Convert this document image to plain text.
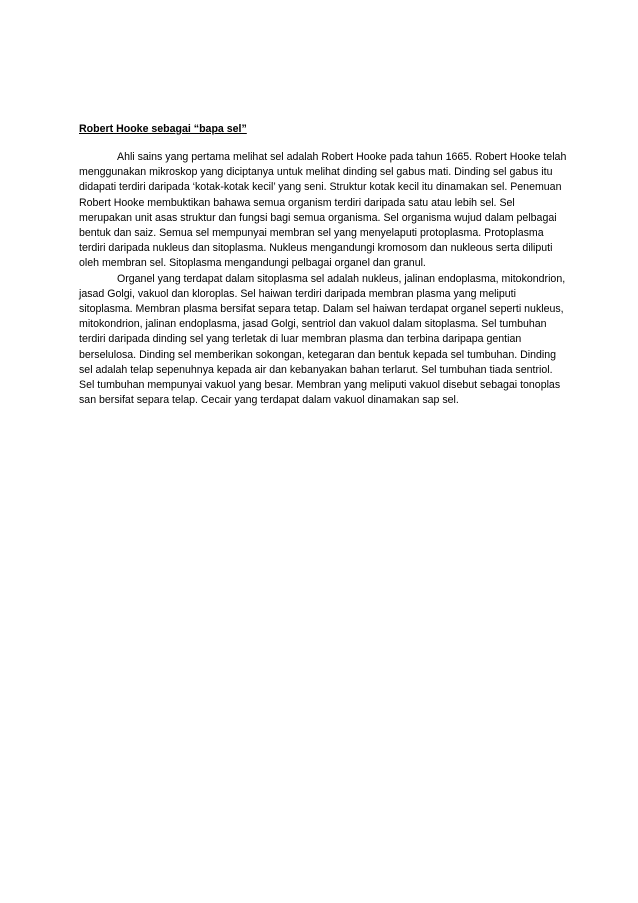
Robert Hooke sebagai “bapa sel”

Ahli sains yang pertama melihat sel adalah Robert Hooke pada tahun 1665. Robert Hooke telah menggunakan mikroskop yang diciptanya untuk melihat dinding sel gabus mati. Dinding sel gabus itu didapati terdiri daripada ‘kotak-kotak kecil’ yang seni. Struktur kotak kecil itu dinamakan sel. Penemuan Robert Hooke membuktikan bahawa semua organism terdiri daripada satu atau lebih sel. Sel merupakan unit asas struktur dan fungsi bagi semua organisma. Sel organisma wujud dalam pelbagai bentuk dan saiz. Semua sel mempunyai membran sel yang menyelaputi protoplasma. Protoplasma terdiri daripada nukleus dan sitoplasma. Nukleus mengandungi kromosom dan nukleous serta diliputi oleh membran sel. Sitoplasma mengandungi pelbagai organel dan granul.

Organel yang terdapat dalam sitoplasma sel adalah nukleus, jalinan endoplasma, mitokondrion, jasad Golgi, vakuol dan kloroplas. Sel haiwan terdiri daripada membran plasma yang meliputi sitoplasma. Membran plasma bersifat separa tetap. Dalam sel haiwan terdapat organel seperti nukleus, mitokondrion, jalinan endoplasma, jasad Golgi, sentriol dan vakuol dalam sitoplasma. Sel tumbuhan terdiri daripada dinding sel yang terletak di luar membran plasma dan terbina daripapa gentian berselulosa. Dinding sel memberikan sokongan, ketegaran dan bentuk kepada sel tumbuhan. Dinding sel adalah telap sepenuhnya kepada air dan kebanyakan bahan terlarut. Sel tumbuhan tiada sentriol. Sel tumbuhan mempunyai vakuol yang besar. Membran yang meliputi vakuol disebut sebagai tonoplas san bersifat separa telap. Cecair yang terdapat dalam vakuol dinamakan sap sel.
